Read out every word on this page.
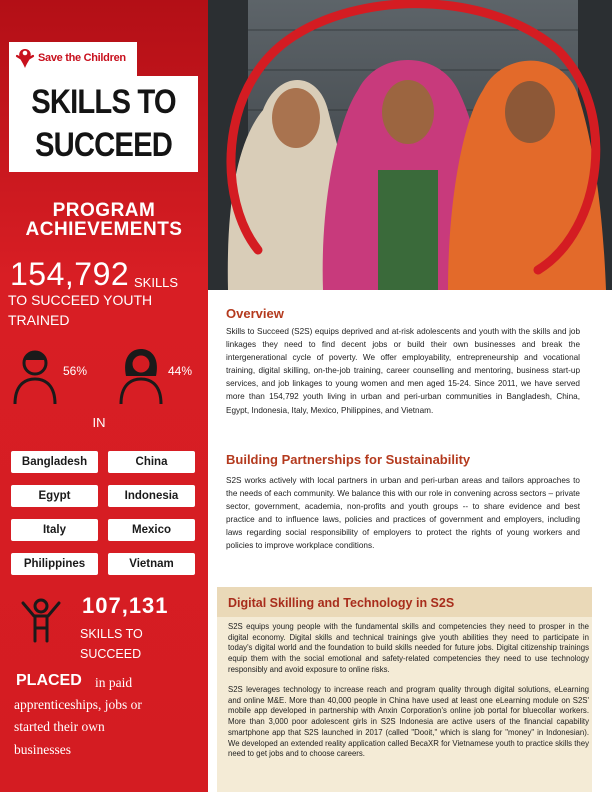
Save the Children
SKILLS TO
SUCCEED
PROGRAM
ACHIEVEMENTS
154,792 SKILLS
TO SUCCEED YOUTH
TRAINED
56%	44%
IN
Bangladesh	China
Egypt	Indonesia
Italy	Mexico
Philippines	Vietnam
107,131
SKILLS TO
SUCCEED
PLACED in paid
apprenticeships, jobs or
started their own
businesses
Overview
Skills to Succeed (S2S) equips deprived and at-risk adolescents and youth with the skills and job linkages they need to find decent jobs or build their own businesses and break the intergenerational cycle of poverty. We offer employability, entrepreneurship and vocational training, digital skilling, on-the-job training, career counselling and mentoring, business start-up services, and job linkages to young women and men aged 15-24. Since 2011, we have served more than 154,792 youth living in urban and peri-urban communities in Bangladesh, China, Egypt, Indonesia, Italy, Mexico, Philippines, and Vietnam.
Building Partnerships for Sustainability
S2S works actively with local partners in urban and peri-urban areas and tailors approaches to the needs of each community. We balance this with our role in convening across sectors – private sector, government, academia, non-profits and youth groups -- to share evidence and best practice and to influence laws, policies and practices of government and employers, including laws regarding social responsibility of employers to protect the rights of young workers and policies to improve workplace conditions.
Digital Skilling and Technology in S2S
S2S equips young people with the fundamental skills and competencies they need to prosper in the digital economy. Digital skills and technical trainings give youth abilities they need to participate in today's digital world and the foundation to build skills needed for future jobs. Digital citizenship trainings equip them with the social emotional and safety-related competencies they need to use technology responsibly and avoid exposure to online risks.
S2S leverages technology to increase reach and program quality through digital solutions, eLearning and online M&E. More than 40,000 people in China have used at least one eLearning module on S2S' mobile app developed in partnership with Anxin Corporation's online job portal for bluecollar workers. More than 3,000 poor adolescent girls in S2S Indonesia are active users of the financial capability smartphone app that S2S launched in 2017 (called "Dooit," which is slang for "money" in Indonesian). We developed an extended reality application called BecaXR for Vietnamese youth to practice skills they need to get jobs and to choose careers.
